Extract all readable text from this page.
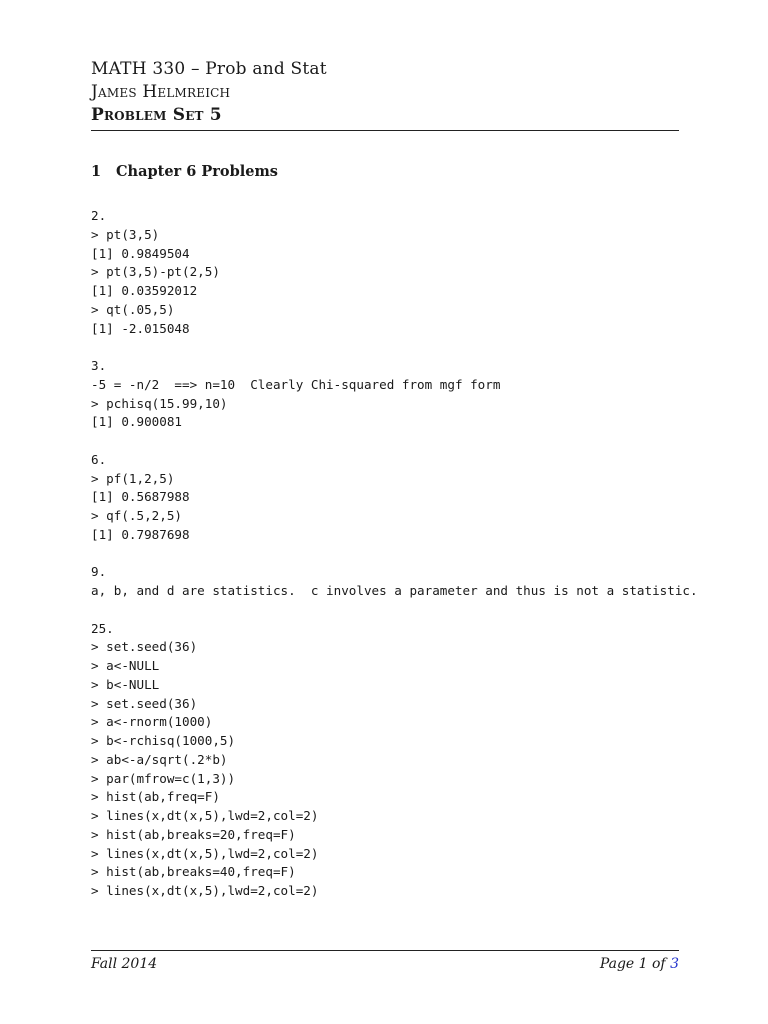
MATH 330 – Prob and Stat
James Helmreich
Problem Set 5
1 Chapter 6 Problems
2.
> pt(3,5)
[1] 0.9849504
> pt(3,5)-pt(2,5)
[1] 0.03592012
> qt(.05,5)
[1] -2.015048
3.
-5 = -n/2  ==> n=10  Clearly Chi-squared from mgf form
> pchisq(15.99,10)
[1] 0.900081
6.
> pf(1,2,5)
[1] 0.5687988
> qf(.5,2,5)
[1] 0.7987698
9.
a, b, and d are statistics.  c involves a parameter and thus is not a statistic.
25.
> set.seed(36)
> a<-NULL
> b<-NULL
> set.seed(36)
> a<-rnorm(1000)
> b<-rchisq(1000,5)
> ab<-a/sqrt(.2*b)
> par(mfrow=c(1,3))
> hist(ab,freq=F)
> lines(x,dt(x,5),lwd=2,col=2)
> hist(ab,breaks=20,freq=F)
> lines(x,dt(x,5),lwd=2,col=2)
> hist(ab,breaks=40,freq=F)
> lines(x,dt(x,5),lwd=2,col=2)
Fall 2014	Page 1 of 3
